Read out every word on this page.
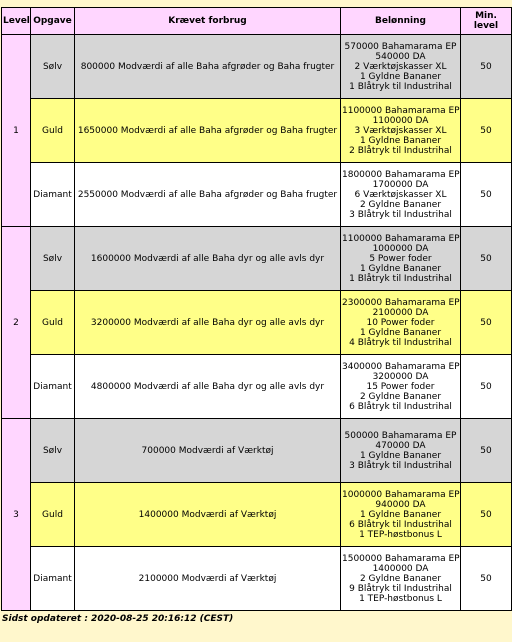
Level	Opgave	Krævet forbrug	Belønning	Min. level
1	Sølv	800000 Modværdi af alle Baha afgrøder og Baha frugter	570000 Bahamarama EP
540000 DA
2 Værktøjskasser XL
1 Gyldne Bananer
1 Blåtryk til Industrihal	50
	Guld	1650000 Modværdi af alle Baha afgrøder og Baha frugter	1100000 Bahamarama EP
1100000 DA
3 Værktøjskasser XL
1 Gyldne Bananer
2 Blåtryk til Industrihal	50
	Diamant	2550000 Modværdi af alle Baha afgrøder og Baha frugter	1800000 Bahamarama EP
1700000 DA
6 Værktøjskasser XL
2 Gyldne Bananer
3 Blåtryk til Industrihal	50
2	Sølv	1600000 Modværdi af alle Baha dyr og alle avls dyr	1100000 Bahamarama EP
1000000 DA
5 Power foder
1 Gyldne Bananer
1 Blåtryk til Industrihal	50
	Guld	3200000 Modværdi af alle Baha dyr og alle avls dyr	2300000 Bahamarama EP
2100000 DA
10 Power foder
1 Gyldne Bananer
4 Blåtryk til Industrihal	50
	Diamant	4800000 Modværdi af alle Baha dyr og alle avls dyr	3400000 Bahamarama EP
3200000 DA
15 Power foder
2 Gyldne Bananer
6 Blåtryk til Industrihal	50
3	Sølv	700000 Modværdi af Værktøj	500000 Bahamarama EP
470000 DA
1 Gyldne Bananer
3 Blåtryk til Industrihal	50
	Guld	1400000 Modværdi af Værktøj	1000000 Bahamarama EP
940000 DA
1 Gyldne Bananer
6 Blåtryk til Industrihal
1 TEP-høstbonus L	50
	Diamant	2100000 Modværdi af Værktøj	1500000 Bahamarama EP
1400000 DA
2 Gyldne Bananer
9 Blåtryk til Industrihal
1 TEP-høstbonus L	50
Sidst opdateret : 2020-08-25 20:16:12 (CEST)
